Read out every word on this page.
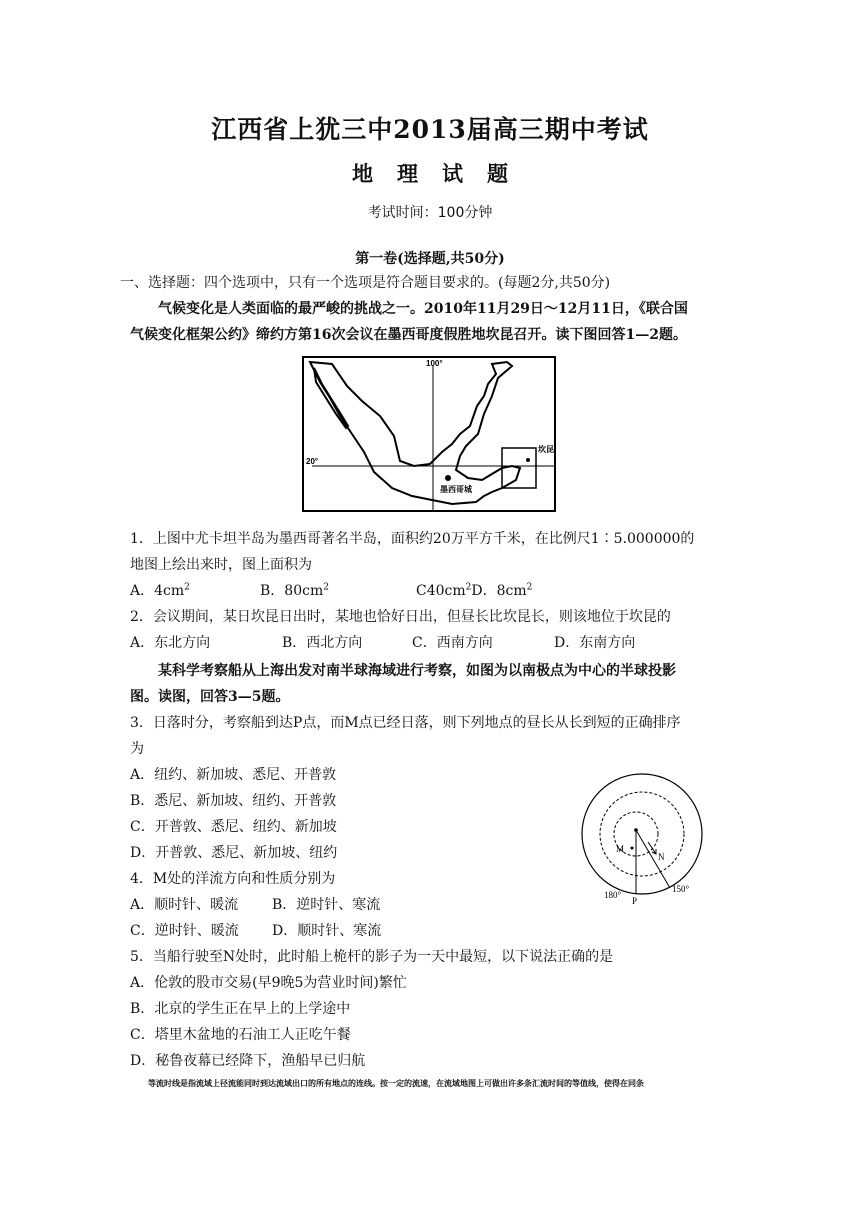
江西省上犹三中2013届高三期中考试
地 理 试 题
考试时间：100分钟
第一卷(选择题,共50分)
一、选择题：四个选项中，只有一个选项是符合题目要求的。(每题2分,共50分)
气候变化是人类面临的最严峻的挑战之一。2010年11月29日～12月11日，《联合国
气候变化框架公约》缔约方第16次会议在墨西哥度假胜地坎昆召开。读下图回答1—2题。
100°
20°
墨西哥城
坎昆
1．上图中尤卡坦半岛为墨西哥著名半岛，面积约20万平方千米，在比例尺1∶5.000000的
地图上绘出来时，图上面积为
A．$4cm^2$	B．$80cm^2$	$C40cm^2D$．$8cm^2$
2．会议期间，某日坎昆日出时，某地也恰好日出，但昼长比坎昆长，则该地位于坎昆的
A．东北方向	B．西北方向	C．西南方向	D．东南方向
某科学考察船从上海出发对南半球海域进行考察，如图为以南极点为中心的半球投影
图。读图，回答3—5题。
3．日落时分，考察船到达P点，而M点已经日落，则下列地点的昼长从长到短的正确排序
为
A．纽约、新加坡、悉尼、开普敦
B．悉尼、新加坡、纽约、开普敦
C．开普敦、悉尼、纽约、新加坡
D．开普敦、悉尼、新加坡、纽约	M
N
P
180°
150°
4．M处的洋流方向和性质分别为
A．顺时针、暖流 B．逆时针、寒流
C．逆时针、暖流 D．顺时针、寒流
5．当船行驶至N处时，此时船上桅杆的影子为一天中最短，以下说法正确的是
A．伦敦的股市交易(早9晚5为营业时间)繁忙
B．北京的学生正在早上的上学途中
C．塔里木盆地的石油工人正吃午餐
D．秘鲁夜幕已经降下，渔船早已归航
等流时线是指流域上径流能同时到达流域出口的所有地点的连线。按一定的流速，在流域地图上可做出许多条汇流时间的等值线，使得在同条
